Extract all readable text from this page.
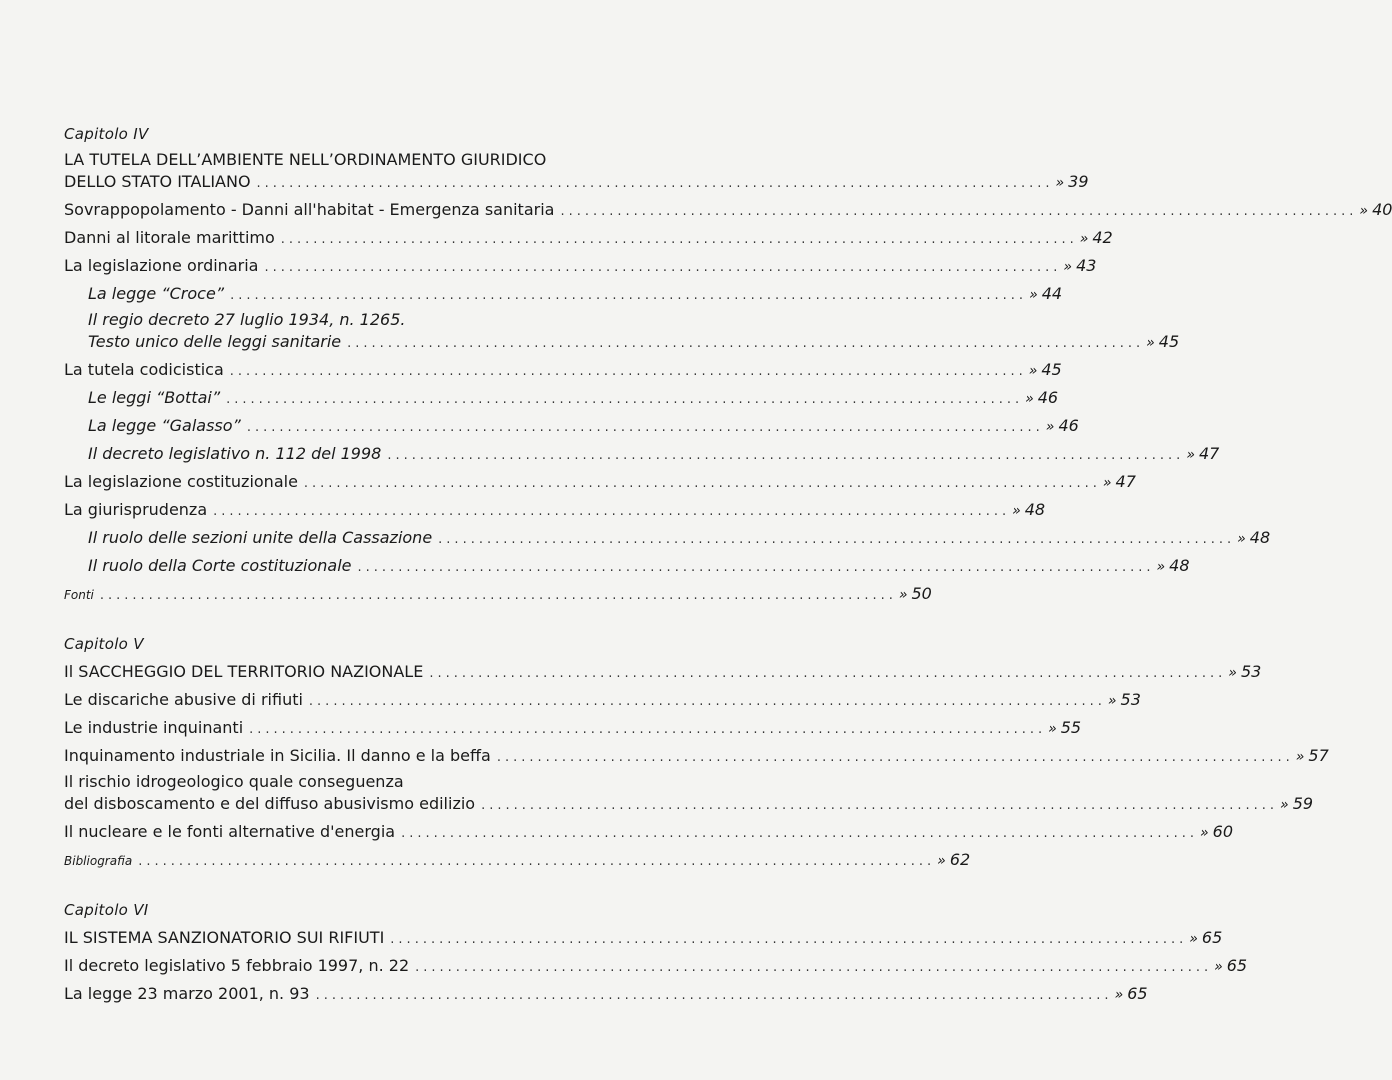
Capitolo IV
LA TUTELA DELL’AMBIENTE NELL’ORDINAMENTO GIURIDICO
DELLO STATO ITALIANO .................................................................................................. » 39
Sovrappopolamento - Danni all'habitat - Emergenza sanitaria .................................................................................................. » 40
Danni al litorale marittimo .................................................................................................. » 42
La legislazione ordinaria .................................................................................................. » 43
La legge “Croce” .................................................................................................. » 44
Il regio decreto 27 luglio 1934, n. 1265.
Testo unico delle leggi sanitarie .................................................................................................. » 45
La tutela codicistica .................................................................................................. » 45
Le leggi “Bottai” .................................................................................................. » 46
La legge “Galasso” .................................................................................................. » 46
Il decreto legislativo n. 112 del 1998 .................................................................................................. » 47
La legislazione costituzionale .................................................................................................. » 47
La giurisprudenza .................................................................................................. » 48
Il ruolo delle sezioni unite della Cassazione .................................................................................................. » 48
Il ruolo della Corte costituzionale .................................................................................................. » 48
Fonti .................................................................................................. » 50
Capitolo V
Il SACCHEGGIO DEL TERRITORIO NAZIONALE .................................................................................................. » 53
Le discariche abusive di rifiuti .................................................................................................. » 53
Le industrie inquinanti .................................................................................................. » 55
Inquinamento industriale in Sicilia. Il danno e la beffa .................................................................................................. » 57
Il rischio idrogeologico quale conseguenza
del disboscamento e del diffuso abusivismo edilizio .................................................................................................. » 59
Il nucleare e le fonti alternative d'energia .................................................................................................. » 60
Bibliografia .................................................................................................. » 62
Capitolo VI
IL SISTEMA SANZIONATORIO SUI RIFIUTI .................................................................................................. » 65
Il decreto legislativo 5 febbraio 1997, n. 22 .................................................................................................. » 65
La legge 23 marzo 2001, n. 93 .................................................................................................. » 65
